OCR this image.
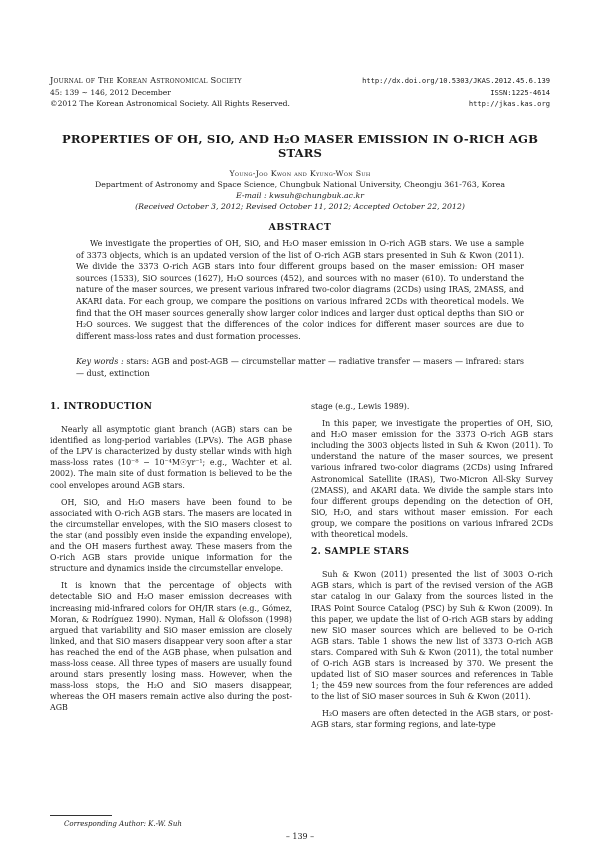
Journal of The Korean Astronomical Society
45: 139 ∼ 146, 2012 December
©2012 The Korean Astronomical Society. All Rights Reserved.
http://dx.doi.org/10.5303/JKAS.2012.45.6.139
ISSN:1225-4614
http://jkas.kas.org
PROPERTIES OF OH, SIO, AND H₂O MASER EMISSION IN O-RICH AGB STARS
Young-Joo Kwon and Kyung-Won Suh
Department of Astronomy and Space Science, Chungbuk National University, Cheongju 361-763, Korea
E-mail : kwsuh@chungbuk.ac.kr
(Received October 3, 2012; Revised October 11, 2012; Accepted October 22, 2012)
ABSTRACT

We investigate the properties of OH, SiO, and H₂O maser emission in O-rich AGB stars. We use a sample of 3373 objects, which is an updated version of the list of O-rich AGB stars presented in Suh & Kwon (2011). We divide the 3373 O-rich AGB stars into four different groups based on the maser emission: OH maser sources (1533), SiO sources (1627), H₂O sources (452), and sources with no maser (610). To understand the nature of the maser sources, we present various infrared two-color diagrams (2CDs) using IRAS, 2MASS, and AKARI data. For each group, we compare the positions on various infrared 2CDs with theoretical models. We find that the OH maser sources generally show larger color indices and larger dust optical depths than SiO or H₂O sources. We suggest that the differences of the color indices for different maser sources are due to different mass-loss rates and dust formation processes.

Key words : stars: AGB and post-AGB — circumstellar matter — radiative transfer — masers — infrared: stars — dust, extinction

1. INTRODUCTION

Nearly all asymptotic giant branch (AGB) stars can be identified as long-period variables (LPVs). The AGB phase of the LPV is characterized by dusty stellar winds with high mass-loss rates (10⁻⁸ − 10⁻⁴M☉yr⁻¹; e.g., Wachter et al. 2002). The main site of dust formation is believed to be the cool envelopes around AGB stars.

OH, SiO, and H₂O masers have been found to be associated with O-rich AGB stars. The masers are located in the circumstellar envelopes, with the SiO masers closest to the star (and possibly even inside the expanding envelope), and the OH masers furthest away. These masers from the O-rich AGB stars provide unique information for the structure and dynamics inside the circumstellar envelope.

It is known that the percentage of objects with detectable SiO and H₂O maser emission decreases with increasing mid-infrared colors for OH/IR stars (e.g., Gómez, Moran, & Rodríguez 1990). Nyman, Hall & Olofsson (1998) argued that variability and SiO maser emission are closely linked, and that SiO masers disappear very soon after a star has reached the end of the AGB phase, when pulsation and mass-loss cease. All three types of masers are usually found around stars presently losing mass. However, when the mass-loss stops, the H₂O and SiO masers disappear, whereas the OH masers remain active also during the post-AGB

stage (e.g., Lewis 1989).

In this paper, we investigate the properties of OH, SiO, and H₂O maser emission for the 3373 O-rich AGB stars including the 3003 objects listed in Suh & Kwon (2011). To understand the nature of the maser sources, we present various infrared two-color diagrams (2CDs) using Infrared Astronomical Satellite (IRAS), Two-Micron All-Sky Survey (2MASS), and AKARI data. We divide the sample stars into four different groups depending on the detection of OH, SiO, H₂O, and stars without maser emission. For each group, we compare the positions on various infrared 2CDs with theoretical models.

2. SAMPLE STARS

Suh & Kwon (2011) presented the list of 3003 O-rich AGB stars, which is part of the revised version of the AGB star catalog in our Galaxy from the sources listed in the IRAS Point Source Catalog (PSC) by Suh & Kwon (2009). In this paper, we update the list of O-rich AGB stars by adding new SiO maser sources which are believed to be O-rich AGB stars. Table 1 shows the new list of 3373 O-rich AGB stars. Compared with Suh & Kwon (2011), the total number of O-rich AGB stars is increased by 370. We present the updated list of SiO maser sources and references in Table 1; the 459 new sources from the four references are added to the list of SiO maser sources in Suh & Kwon (2011).

H₂O masers are often detected in the AGB stars, or post-AGB stars, star forming regions, and late-type

Corresponding Author: K.-W. Suh
– 139 –
